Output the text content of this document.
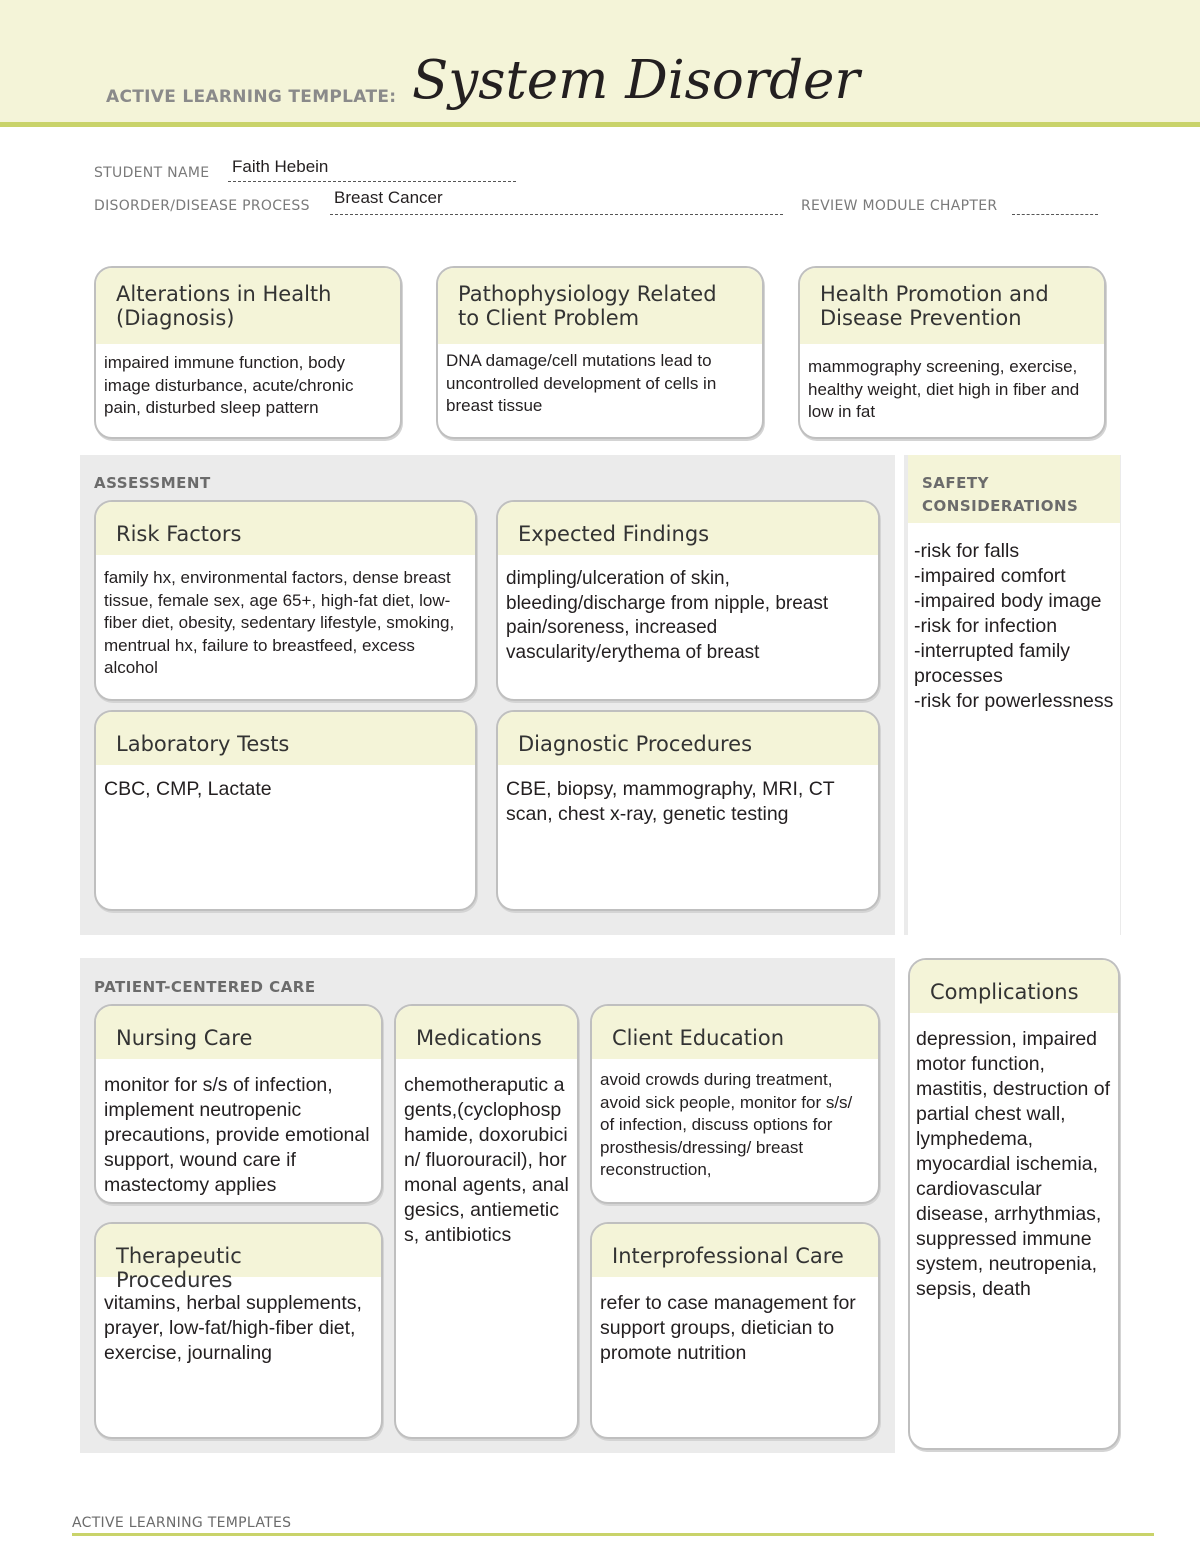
ACTIVE LEARNING TEMPLATE: System Disorder
STUDENT NAME Faith Hebein
DISORDER/DISEASE PROCESS Breast Cancer	REVIEW MODULE CHAPTER
Alterations in Health (Diagnosis)
impaired immune function, body image disturbance, acute/chronic pain, disturbed sleep pattern
Pathophysiology Related to Client Problem
DNA damage/cell mutations lead to uncontrolled development of cells in breast tissue
Health Promotion and Disease Prevention
mammography screening, exercise, healthy weight, diet high in fiber and low in fat
ASSESSMENT
Risk Factors
family hx, environmental factors, dense breast tissue, female sex, age 65+, high-fat diet, low-fiber diet, obesity, sedentary lifestyle, smoking, mentrual hx, failure to breastfeed, excess alcohol
Expected Findings
dimpling/ulceration of skin, bleeding/discharge from nipple, breast pain/soreness, increased vascularity/erythema of breast
Laboratory Tests
CBC, CMP, Lactate
Diagnostic Procedures
CBE, biopsy, mammography, MRI, CT scan, chest x-ray, genetic testing
SAFETY CONSIDERATIONS
-risk for falls
-impaired comfort
-impaired body image
-risk for infection
-interrupted family processes
-risk for powerlessness
PATIENT-CENTERED CARE
Nursing Care
monitor for s/s of infection, implement neutropenic precautions, provide emotional support, wound care if mastectomy applies
Medications
chemotheraputic agents,(cyclophosphamide, doxorubicin/ fluorouracil), hormonal agents, analgesics, antiemetics, antibiotics
Client Education
avoid crowds during treatment, avoid sick people, monitor for s/s/ of infection, discuss options for prosthesis/dressing/ breast reconstruction,
Therapeutic Procedures
vitamins, herbal supplements, prayer, low-fat/high-fiber diet, exercise, journaling
Interprofessional Care
refer to case management for support groups, dietician to promote nutrition
Complications
depression, impaired motor function, mastitis, destruction of partial chest wall, lymphedema, myocardial ischemia, cardiovascular disease, arrhythmias, suppressed immune system, neutropenia, sepsis, death
ACTIVE LEARNING TEMPLATES
